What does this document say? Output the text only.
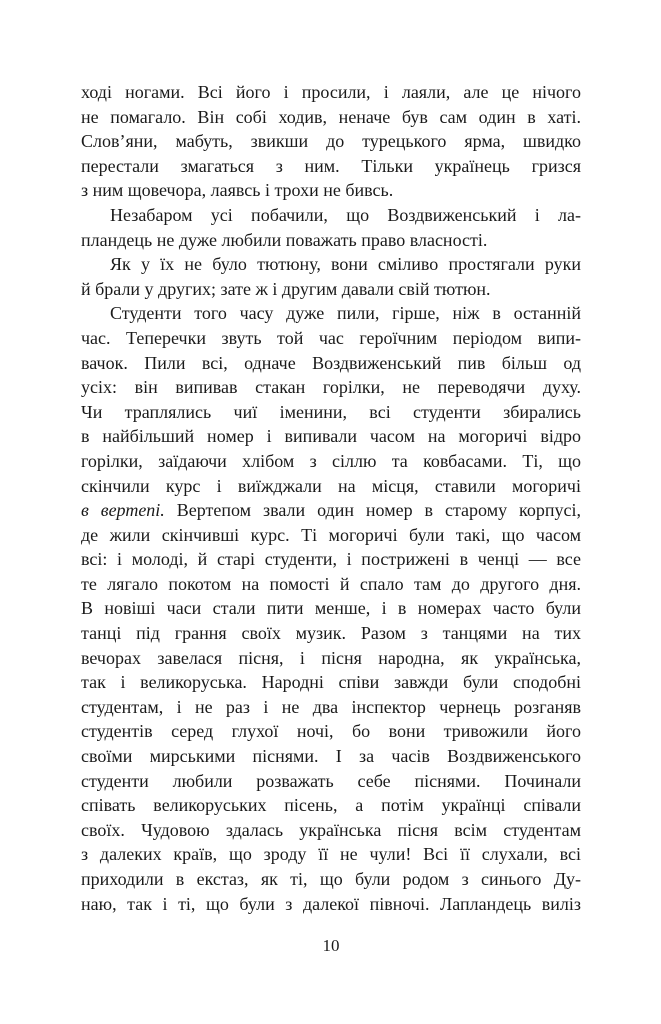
ході ногами. Всі його і просили, і лаяли, але це нічого
не помагало. Він собі ходив, неначе був сам один в хаті.
Слов’яни, мабуть, звикши до турецького ярма, швидко
перестали змагаться з ним. Тільки українець гризся
з ним щовечора, лаявсь і трохи не бивсь.
Незабаром усі побачили, що Воздвиженський і ла-
пландець не дуже любили поважать право власності.
Як у їх не було тютюну, вони сміливо простягали руки
й брали у других; зате ж і другим давали свій тютюн.
Студенти того часу дуже пили, гірше, ніж в останній
час. Теперечки звуть той час героїчним періодом випи-
вачок. Пили всі, одначе Воздвиженський пив більш од
усіх: він випивав стакан горілки, не переводячи духу.
Чи траплялись чиї іменини, всі студенти збирались
в найбільший номер і випивали часом на могоричі відро
горілки, заїдаючи хлібом з сіллю та ковбасами. Ті, що
скінчили курс і виїжджали на місця, ставили могоричі
в вертепі. Вертепом звали один номер в старому корпусі,
де жили скінчивші курс. Ті могоричі були такі, що часом
всі: і молоді, й старі студенти, і пострижені в ченці — все
те лягало покотом на помості й спало там до другого дня.
В новіші часи стали пити менше, і в номерах часто були
танці під грання своїх музик. Разом з танцями на тих
вечорах завелася пісня, і пісня народна, як українська,
так і великоруська. Народні співи завжди були сподобні
студентам, і не раз і не два інспектор чернець розганяв
студентів серед глухої ночі, бо вони тривожили його
своїми мирськими піснями. І за часів Воздвиженського
студенти любили розважать себе піснями. Починали
співать великоруських пісень, а потім українці співали
своїх. Чудовою здалась українська пісня всім студентам
з далеких країв, що зроду її не чули! Всі її слухали, всі
приходили в екстаз, як ті, що були родом з синього Ду-
наю, так і ті, що були з далекої півночі. Лапландець виліз
10
